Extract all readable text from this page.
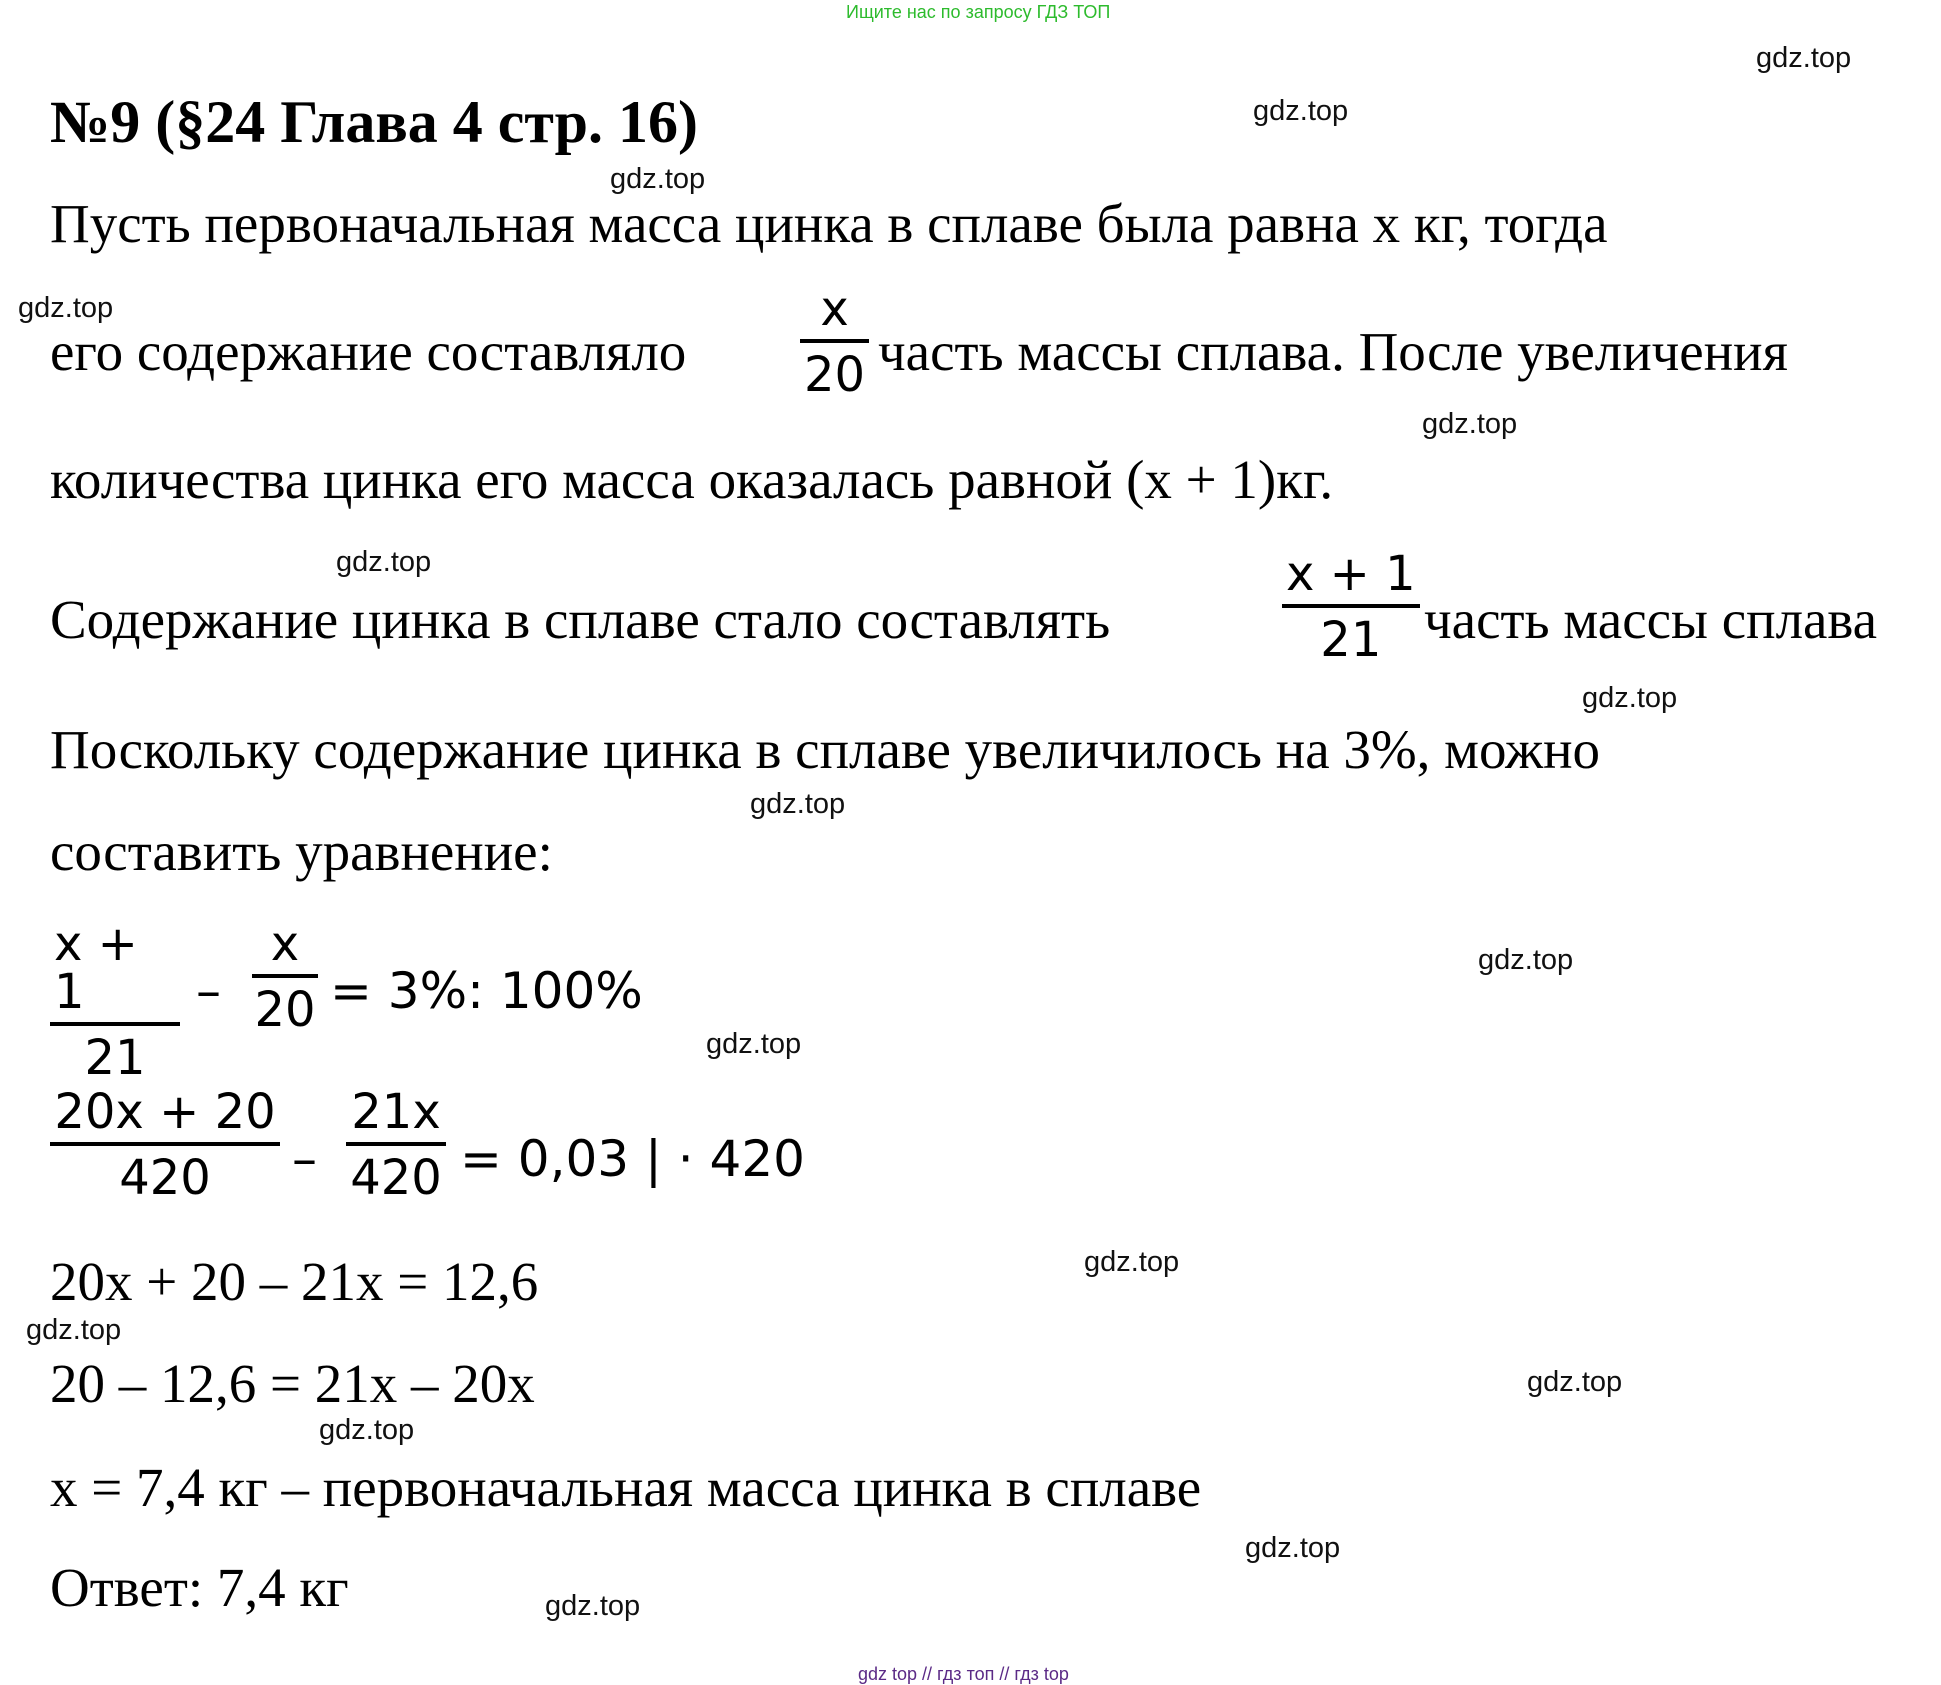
Ищите нас по запросу ГДЗ ТОП
№9 (§24 Глава 4 стр. 16)
gdz.top
gdz.top
gdz.top
gdz.top
gdz.top
gdz.top
gdz.top
gdz.top
gdz.top
gdz.top
gdz.top
gdz.top
gdz.top
gdz.top
gdz.top
gdz.top
Пусть первоначальная масса цинка в сплаве была равна x кг, тогда
его содержание составляло
x
20 часть массы сплава. После увеличения
количества цинка его масса оказалась равной (x + 1)кг.
Содержание цинка в сплаве стало составлять
x + 1
21 часть массы сплава
Поскольку содержание цинка в сплаве увеличилось на 3%, можно
составить уравнение:
x + 1
21
–
x
20 = 3%: 100%
20x + 20
420 –
21x
420 = 0,03 | · 420
20x + 20 – 21x = 12,6
20 – 12,6 = 21x – 20x
x = 7,4 кг – первоначальная масса цинка в сплаве
Ответ: 7,4 кг
gdz top // гдз топ // гдз top
